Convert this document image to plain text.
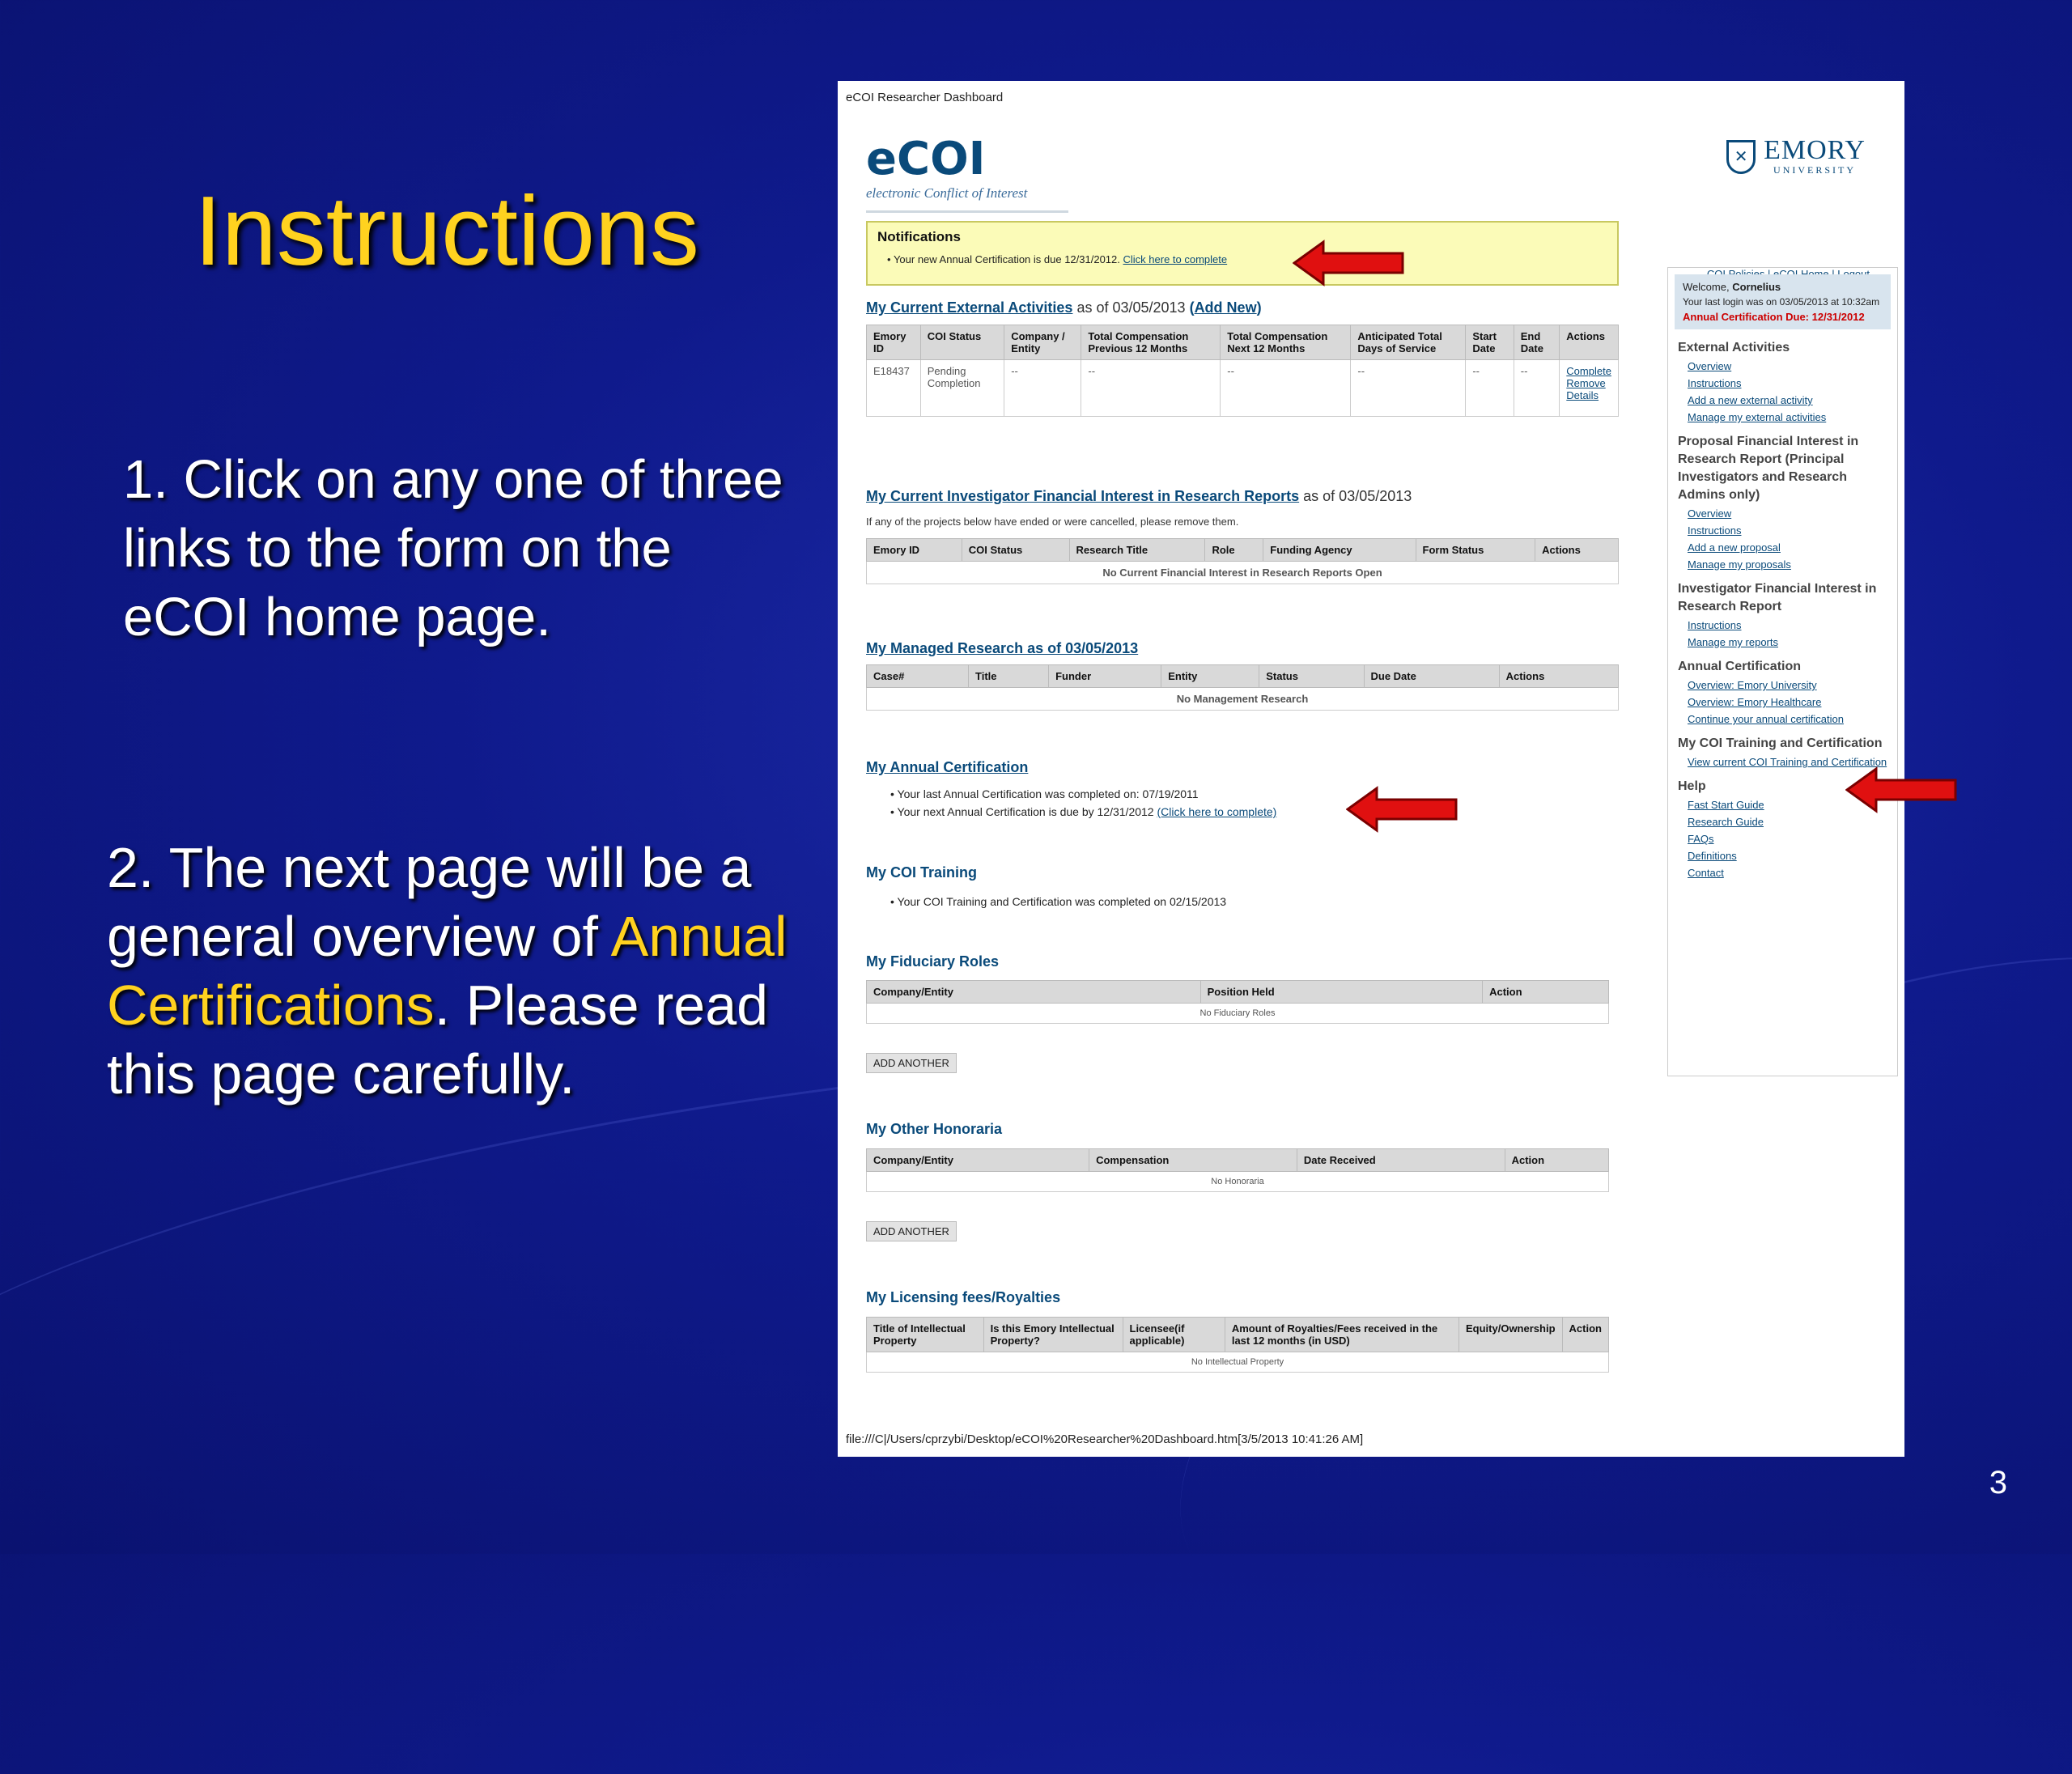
Instructions

1. Click on any one of three links to the form on the eCOI home page.

2. The next page will be a general overview of Annual Certifications. Please read this page carefully.

3
eCOI Researcher Dashboard
file:///C|/Users/cprzybi/Desktop/eCOI%20Researcher%20Dashboard.htm[3/5/2013 10:41:26 AM]
eCOI
electronic Conflict of Interest
✕ EMORY
UNIVERSITY
Notifications
• Your new Annual Certification is due 12/31/2012. Click here to complete
My Current External Activities as of 03/05/2013 (Add New)
Emory ID	COI Status	Company / Entity	Total Compensation Previous 12 Months	Total Compensation Next 12 Months	Anticipated Total Days of Service	Start Date	End Date	Actions
E18437	Pending Completion	--	--	--	--	--	--	Complete
Remove
Details
My Current Investigator Financial Interest in Research Reports as of 03/05/2013
If any of the projects below have ended or were cancelled, please remove them.
Emory ID	COI Status	Research Title	Role	Funding Agency	Form Status	Actions
No Current Financial Interest in Research Reports Open
My Managed Research as of 03/05/2013
Case#	Title	Funder	Entity	Status	Due Date	Actions
No Management Research
My Annual Certification
• Your last Annual Certification was completed on: 07/19/2011
• Your next Annual Certification is due by 12/31/2012 (Click here to complete)
My COI Training
• Your COI Training and Certification was completed on 02/15/2013
My Fiduciary Roles
Company/Entity	Position Held	Action
No Fiduciary Roles
ADD ANOTHER
My Other Honoraria
Company/Entity	Compensation	Date Received	Action
No Honoraria
ADD ANOTHER
My Licensing fees/Royalties
Title of Intellectual Property	Is this Emory Intellectual Property?	Licensee(if applicable)	Amount of Royalties/Fees received in the last 12 months (in USD)	Equity/Ownership	Action
No Intellectual Property
Welcome, Cornelius
Your last login was on 03/05/2013 at 10:32am
Annual Certification Due: 12/31/2012
External Activities
Overview
Instructions
Add a new external activity
Manage my external activities
Proposal Financial Interest in Research Report (Principal Investigators and Research Admins only)
Overview
Instructions
Add a new proposal
Manage my proposals
Investigator Financial Interest in Research Report
Instructions
Manage my reports
Annual Certification
Overview: Emory University
Overview: Emory Healthcare
Continue your annual certification
My COI Training and Certification
View current COI Training and Certification
Help
Fast Start Guide
Research Guide
FAQs
Definitions
Contact
